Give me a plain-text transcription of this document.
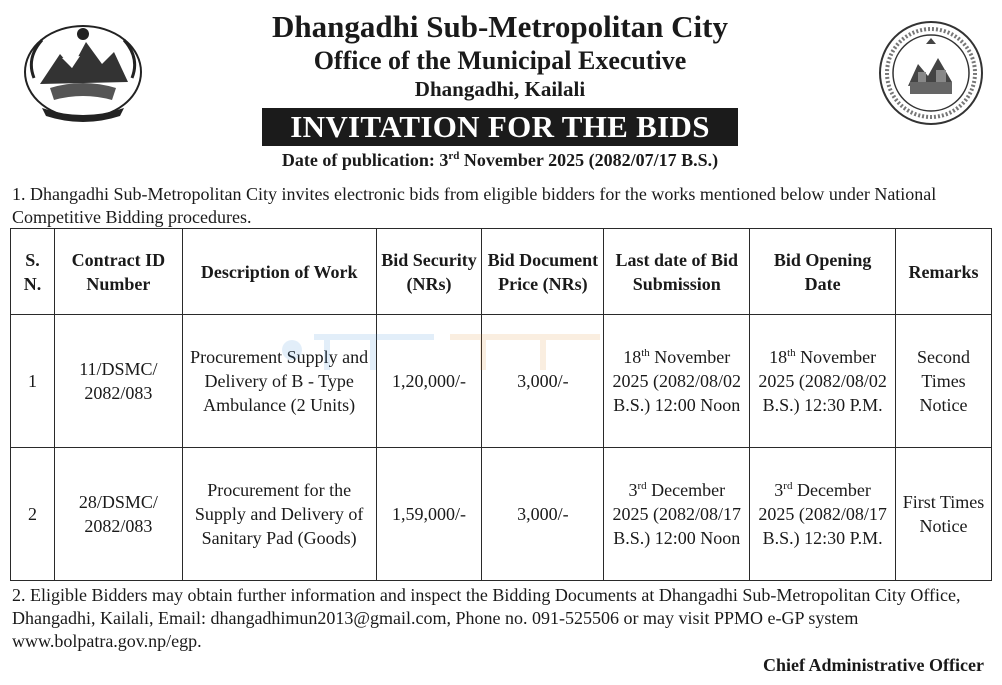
Dhangadhi Sub-Metropolitan City
Office of the Municipal Executive
Dhangadhi, Kailali
INVITATION FOR THE BIDS
Date of publication: 3rd November 2025 (2082/07/17 B.S.)
1. Dhangadhi Sub-Metropolitan City invites electronic bids from eligible bidders for the works mentioned below under National Competitive Bidding procedures.
S. N.	Contract ID Number	Description of Work	Bid Security (NRs)	Bid Document Price (NRs)	Last date of Bid Submission	Bid Opening Date	Remarks
1	11/DSMC/ 2082/083	Procurement Supply and Delivery of B - Type Ambulance (2 Units)	1,20,000/-	3,000/-	18th November 2025 (2082/08/02 B.S.) 12:00 Noon	18th November 2025 (2082/08/02 B.S.) 12:30 P.M.	Second Times Notice
2	28/DSMC/ 2082/083	Procurement for the Supply and Delivery of Sanitary Pad (Goods)	1,59,000/-	3,000/-	3rd December 2025 (2082/08/17 B.S.) 12:00 Noon	3rd December 2025 (2082/08/17 B.S.) 12:30 P.M.	First Times Notice
2. Eligible Bidders may obtain further information and inspect the Bidding Documents at Dhangadhi Sub-Metropolitan City Office, Dhangadhi, Kailali, Email: dhangadhimun2013@gmail.com, Phone no. 091-525506 or may visit PPMO e-GP system www.bolpatra.gov.np/egp.
Chief Administrative Officer
